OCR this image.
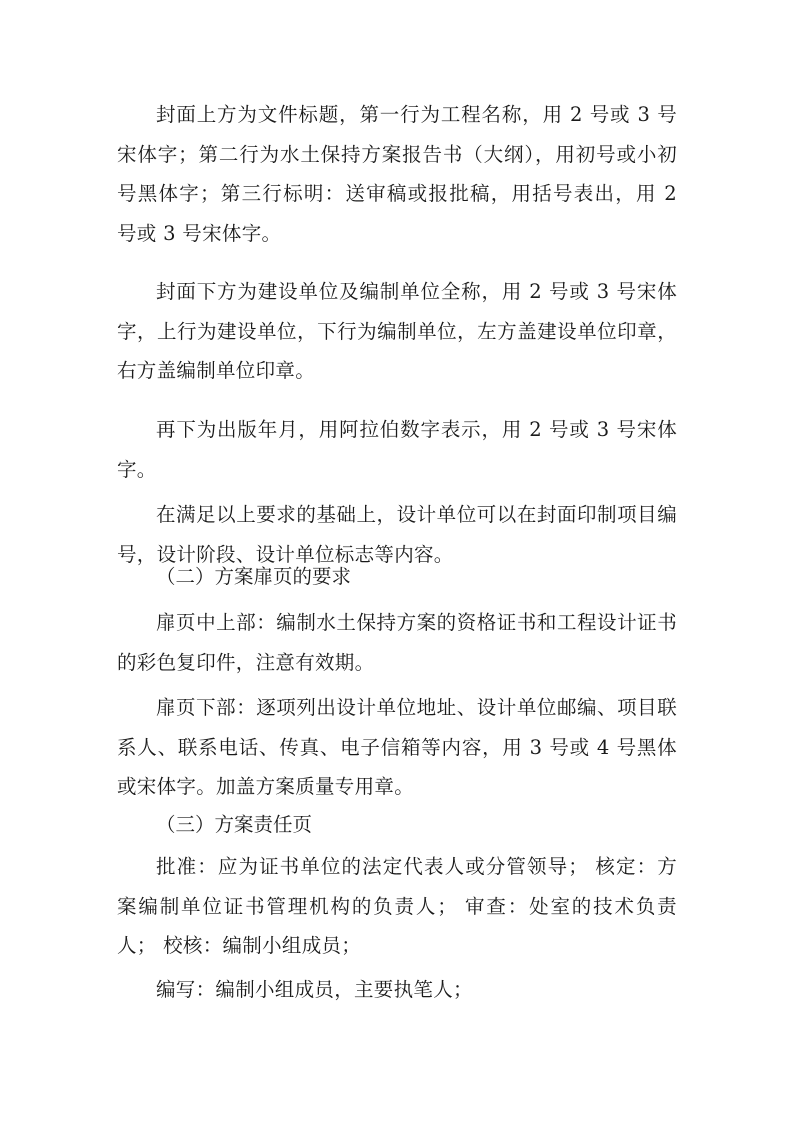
封面上方为文件标题，第一行为工程名称，用 2 号或 3 号宋体字；第二行为水土保持方案报告书（大纲），用初号或小初号黑体字；第三行标明：送审稿或报批稿，用括号表出，用 2 号或 3 号宋体字。

封面下方为建设单位及编制单位全称，用 2 号或 3 号宋体字，上行为建设单位，下行为编制单位，左方盖建设单位印章，右方盖编制单位印章。

再下为出版年月，用阿拉伯数字表示，用 2 号或 3 号宋体字。

在满足以上要求的基础上，设计单位可以在封面印制项目编号，设计阶段、设计单位标志等内容。

（二）方案扉页的要求

扉页中上部：编制水土保持方案的资格证书和工程设计证书的彩色复印件，注意有效期。

扉页下部：逐项列出设计单位地址、设计单位邮编、项目联系人、联系电话、传真、电子信箱等内容，用 3 号或 4 号黑体或宋体字。加盖方案质量专用章。

（三）方案责任页

批准：应为证书单位的法定代表人或分管领导； 核定：方案编制单位证书管理机构的负责人； 审查：处室的技术负责人； 校核：编制小组成员；

编写：编制小组成员，主要执笔人；
